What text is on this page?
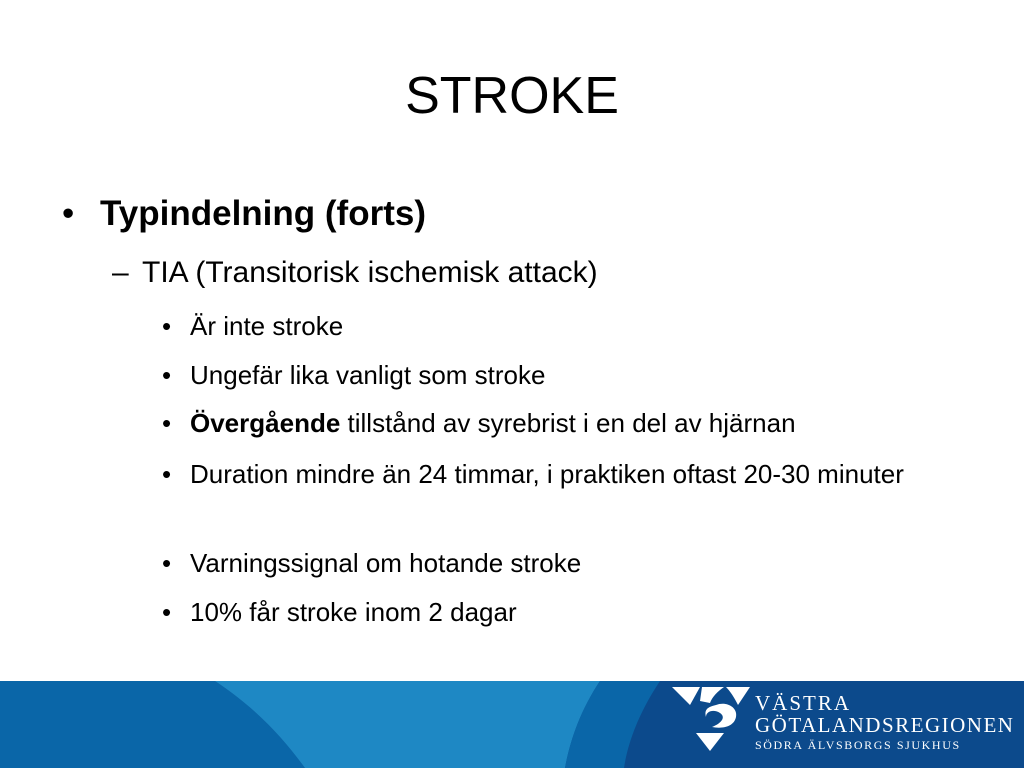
STROKE
• Typindelning (forts)
– TIA (Transitorisk ischemisk attack)
• Är inte stroke
• Ungefär lika vanligt som stroke
• Övergående tillstånd av syrebrist i en del av hjärnan
• Duration mindre än 24 timmar, i praktiken oftast 20-30 minuter
• Varningssignal om hotande stroke
• 10% får stroke inom 2 dagar
VÄSTRA
GÖTALANDSREGIONEN
SÖDRA ÄLVSBORGS SJUKHUS
